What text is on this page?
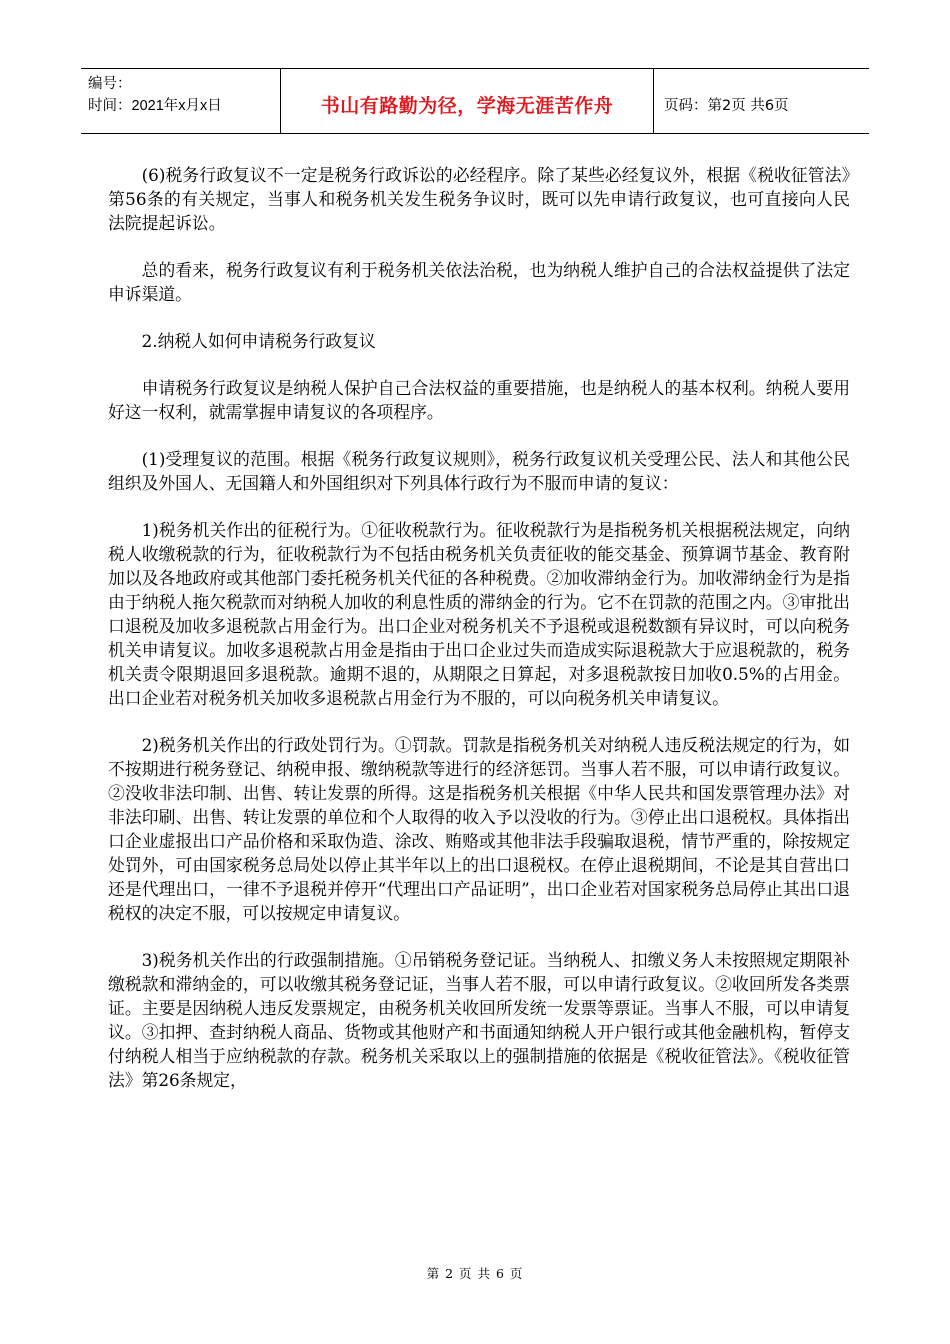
编号：
时间：2021年x月x日	书山有路勤为径，学海无涯苦作舟	页码：第2页 共6页

(6)税务行政复议不一定是税务行政诉讼的必经程序。除了某些必经复议外，根据《税收征管法》第56条的有关规定，当事人和税务机关发生税务争议时，既可以先申请行政复议，也可直接向人民法院提起诉讼。

总的看来，税务行政复议有利于税务机关依法治税，也为纳税人维护自己的合法权益提供了法定申诉渠道。

2.纳税人如何申请税务行政复议

申请税务行政复议是纳税人保护自己合法权益的重要措施，也是纳税人的基本权利。纳税人要用好这一权利，就需掌握申请复议的各项程序。

(1)受理复议的范围。根据《税务行政复议规则》，税务行政复议机关受理公民、法人和其他公民组织及外国人、无国籍人和外国组织对下列具体行政行为不服而申请的复议：

1)税务机关作出的征税行为。①征收税款行为。征收税款行为是指税务机关根据税法规定，向纳税人收缴税款的行为，征收税款行为不包括由税务机关负责征收的能交基金、预算调节基金、教育附加以及各地政府或其他部门委托税务机关代征的各种税费。②加收滞纳金行为。加收滞纳金行为是指由于纳税人拖欠税款而对纳税人加收的利息性质的滞纳金的行为。它不在罚款的范围之内。③审批出口退税及加收多退税款占用金行为。出口企业对税务机关不予退税或退税数额有异议时，可以向税务机关申请复议。加收多退税款占用金是指由于出口企业过失而造成实际退税款大于应退税款的，税务机关责令限期退回多退税款。逾期不退的，从期限之日算起，对多退税款按日加收0.5%的占用金。出口企业若对税务机关加收多退税款占用金行为不服的，可以向税务机关申请复议。

2)税务机关作出的行政处罚行为。①罚款。罚款是指税务机关对纳税人违反税法规定的行为，如不按期进行税务登记、纳税申报、缴纳税款等进行的经济惩罚。当事人若不服，可以申请行政复议。②没收非法印制、出售、转让发票的所得。这是指税务机关根据《中华人民共和国发票管理办法》对非法印刷、出售、转让发票的单位和个人取得的收入予以没收的行为。③停止出口退税权。具体指出口企业虚报出口产品价格和采取伪造、涂改、贿赂或其他非法手段骗取退税，情节严重的，除按规定处罚外，可由国家税务总局处以停止其半年以上的出口退税权。在停止退税期间，不论是其自营出口还是代理出口，一律不予退税并停开“代理出口产品证明”，出口企业若对国家税务总局停止其出口退税权的决定不服，可以按规定申请复议。

3)税务机关作出的行政强制措施。①吊销税务登记证。当纳税人、扣缴义务人未按照规定期限补缴税款和滞纳金的，可以收缴其税务登记证，当事人若不服，可以申请行政复议。②收回所发各类票证。主要是因纳税人违反发票规定，由税务机关收回所发统一发票等票证。当事人不服，可以申请复议。③扣押、查封纳税人商品、货物或其他财产和书面通知纳税人开户银行或其他金融机构，暂停支付纳税人相当于应纳税款的存款。税务机关采取以上的强制措施的依据是《税收征管法》。《税收征管法》第26条规定，

第 2 页 共 6 页
